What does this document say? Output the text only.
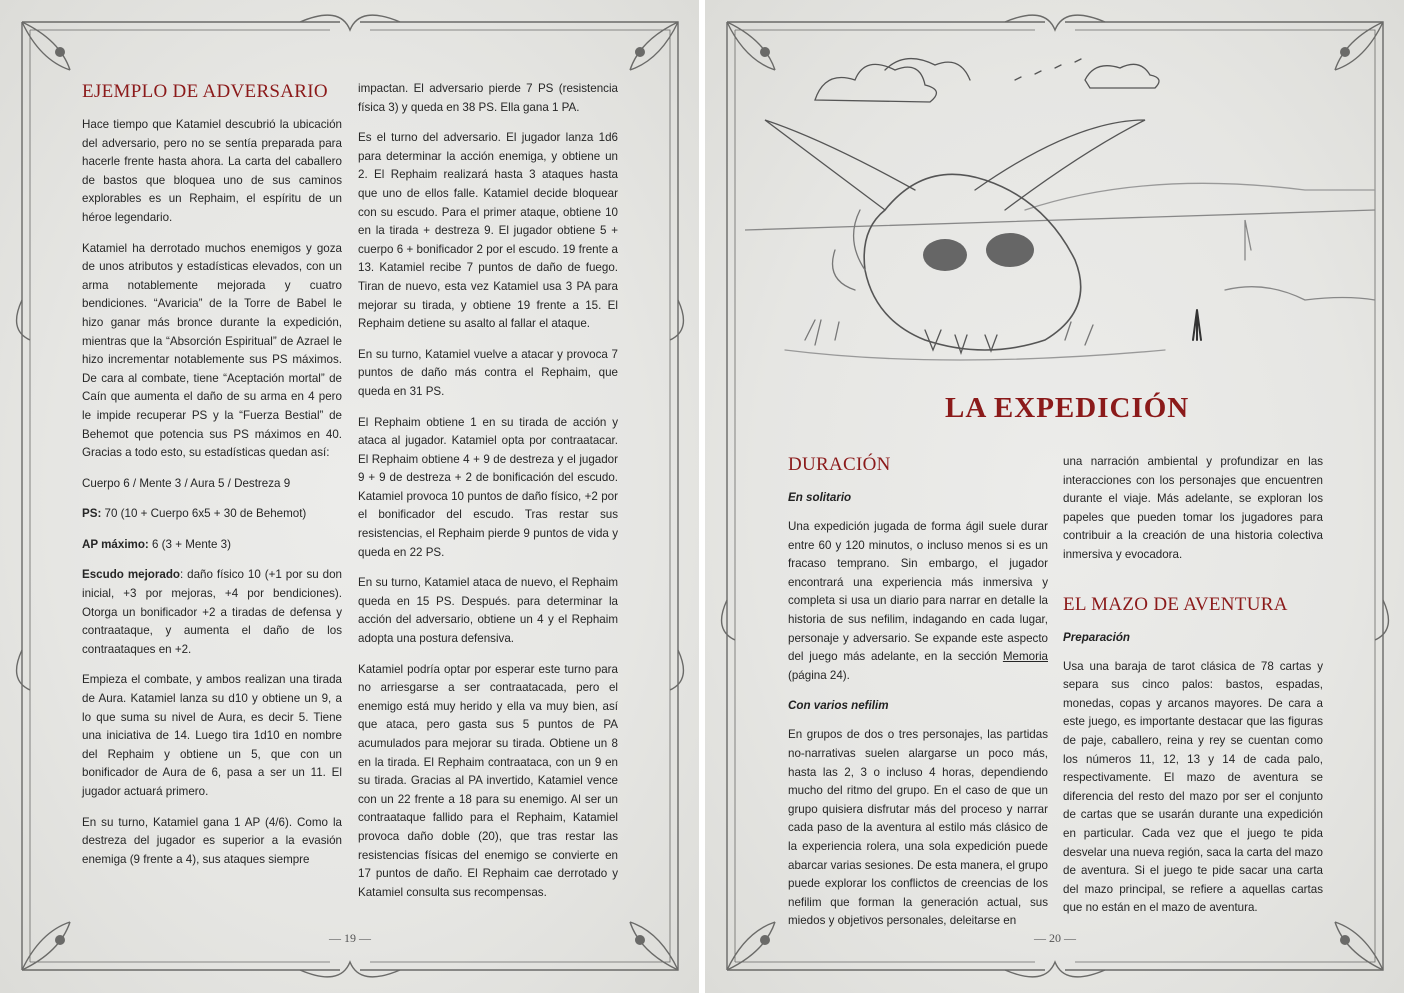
EJEMPLO DE ADVERSARIO

Hace tiempo que Katamiel descubrió la ubicación del adversario, pero no se sentía preparada para hacerle frente hasta ahora. La carta del caballero de bastos que bloquea uno de sus caminos explorables es un Rephaim, el espíritu de un héroe legendario.

Katamiel ha derrotado muchos enemigos y goza de unos atributos y estadísticas elevados, con un arma notablemente mejorada y cuatro bendiciones. “Avaricia” de la Torre de Babel le hizo ganar más bronce durante la expedición, mientras que la “Absorción Espiritual” de Azrael le hizo incrementar notablemente sus PS máximos. De cara al combate, tiene “Aceptación mortal” de Caín que aumenta el daño de su arma en 4 pero le impide recuperar PS y la “Fuerza Bestial” de Behemot que potencia sus PS máximos en 40. Gracias a todo esto, su estadísticas quedan así:

Cuerpo 6 / Mente 3 / Aura 5 / Destreza 9

PS: 70 (10 + Cuerpo 6x5 + 30 de Behemot)

AP máximo: 6 (3 + Mente 3)

Escudo mejorado: daño físico 10 (+1 por su don inicial, +3 por mejoras, +4 por bendiciones). Otorga un bonificador +2 a tiradas de defensa y contraataque, y aumenta el daño de los contraataques en +2.

Empieza el combate, y ambos realizan una tirada de Aura. Katamiel lanza su d10 y obtiene un 9, a lo que suma su nivel de Aura, es decir 5. Tiene una iniciativa de 14. Luego tira 1d10 en nombre del Rephaim y obtiene un 5, que con un bonificador de Aura de 6, pasa a ser un 11. El jugador actuará primero.

En su turno, Katamiel gana 1 AP (4/6). Como la destreza del jugador es superior a la evasión enemiga (9 frente a 4), sus ataques siempre

impactan. El adversario pierde 7 PS (resistencia física 3) y queda en 38 PS. Ella gana 1 PA.

Es el turno del adversario. El jugador lanza 1d6 para determinar la acción enemiga, y obtiene un 2. El Rephaim realizará hasta 3 ataques hasta que uno de ellos falle. Katamiel decide bloquear con su escudo. Para el primer ataque, obtiene 10 en la tirada + destreza 9. El jugador obtiene 5 + cuerpo 6 + bonificador 2 por el escudo. 19 frente a 13. Katamiel recibe 7 puntos de daño de fuego. Tiran de nuevo, esta vez Katamiel usa 3 PA para mejorar su tirada, y obtiene 19 frente a 15. El Rephaim detiene su asalto al fallar el ataque.

En su turno, Katamiel vuelve a atacar y provoca 7 puntos de daño más contra el Rephaim, que queda en 31 PS.

El Rephaim obtiene 1 en su tirada de acción y ataca al jugador. Katamiel opta por contraatacar. El Rephaim obtiene 4 + 9 de destreza y el jugador 9 + 9 de destreza + 2 de bonificación del escudo. Katamiel provoca 10 puntos de daño físico, +2 por el bonificador del escudo. Tras restar sus resistencias, el Rephaim pierde 9 puntos de vida y queda en 22 PS.

En su turno, Katamiel ataca de nuevo, el Rephaim queda en 15 PS. Después. para determinar la acción del adversario, obtiene un 4 y el Rephaim adopta una postura defensiva.

Katamiel podría optar por esperar este turno para no arriesgarse a ser contraatacada, pero el enemigo está muy herido y ella va muy bien, así que ataca, pero gasta sus 5 puntos de PA acumulados para mejorar su tirada. Obtiene un 8 en la tirada. El Rephaim contraataca, con un 9 en su tirada. Gracias al PA invertido, Katamiel vence con un 22 frente a 18 para su enemigo. Al ser un contraataque fallido para el Rephaim, Katamiel provoca daño doble (20), que tras restar las resistencias físicas del enemigo se convierte en 17 puntos de daño. El Rephaim cae derrotado y Katamiel consulta sus recompensas.

— 19 —
LA EXPEDICIÓN
DURACIÓN

En solitario

Una expedición jugada de forma ágil suele durar entre 60 y 120 minutos, o incluso menos si es un fracaso temprano. Sin embargo, el jugador encontrará una experiencia más inmersiva y completa si usa un diario para narrar en detalle la historia de sus nefilim, indagando en cada lugar, personaje y adversario. Se expande este aspecto del juego más adelante, en la sección Memoria (página 24).

Con varios nefilim

En grupos de dos o tres personajes, las partidas no-narrativas suelen alargarse un poco más, hasta las 2, 3 o incluso 4 horas, dependiendo mucho del ritmo del grupo. En el caso de que un grupo quisiera disfrutar más del proceso y narrar cada paso de la aventura al estilo más clásico de la experiencia rolera, una sola expedición puede abarcar varias sesiones. De esta manera, el grupo puede explorar los conflictos de creencias de los nefilim que forman la generación actual, sus miedos y objetivos personales, deleitarse en

una narración ambiental y profundizar en las interacciones con los personajes que encuentren durante el viaje. Más adelante, se exploran los papeles que pueden tomar los jugadores para contribuir a la creación de una historia colectiva inmersiva y evocadora.

EL MAZO DE AVENTURA

Preparación

Usa una baraja de tarot clásica de 78 cartas y separa sus cinco palos: bastos, espadas, monedas, copas y arcanos mayores. De cara a este juego, es importante destacar que las figuras de paje, caballero, reina y rey se cuentan como los números 11, 12, 13 y 14 de cada palo, respectivamente. El mazo de aventura se diferencia del resto del mazo por ser el conjunto de cartas que se usarán durante una expedición en particular. Cada vez que el juego te pida desvelar una nueva región, saca la carta del mazo de aventura. Si el juego te pide sacar una carta del mazo principal, se refiere a aquellas cartas que no están en el mazo de aventura.

— 20 —
